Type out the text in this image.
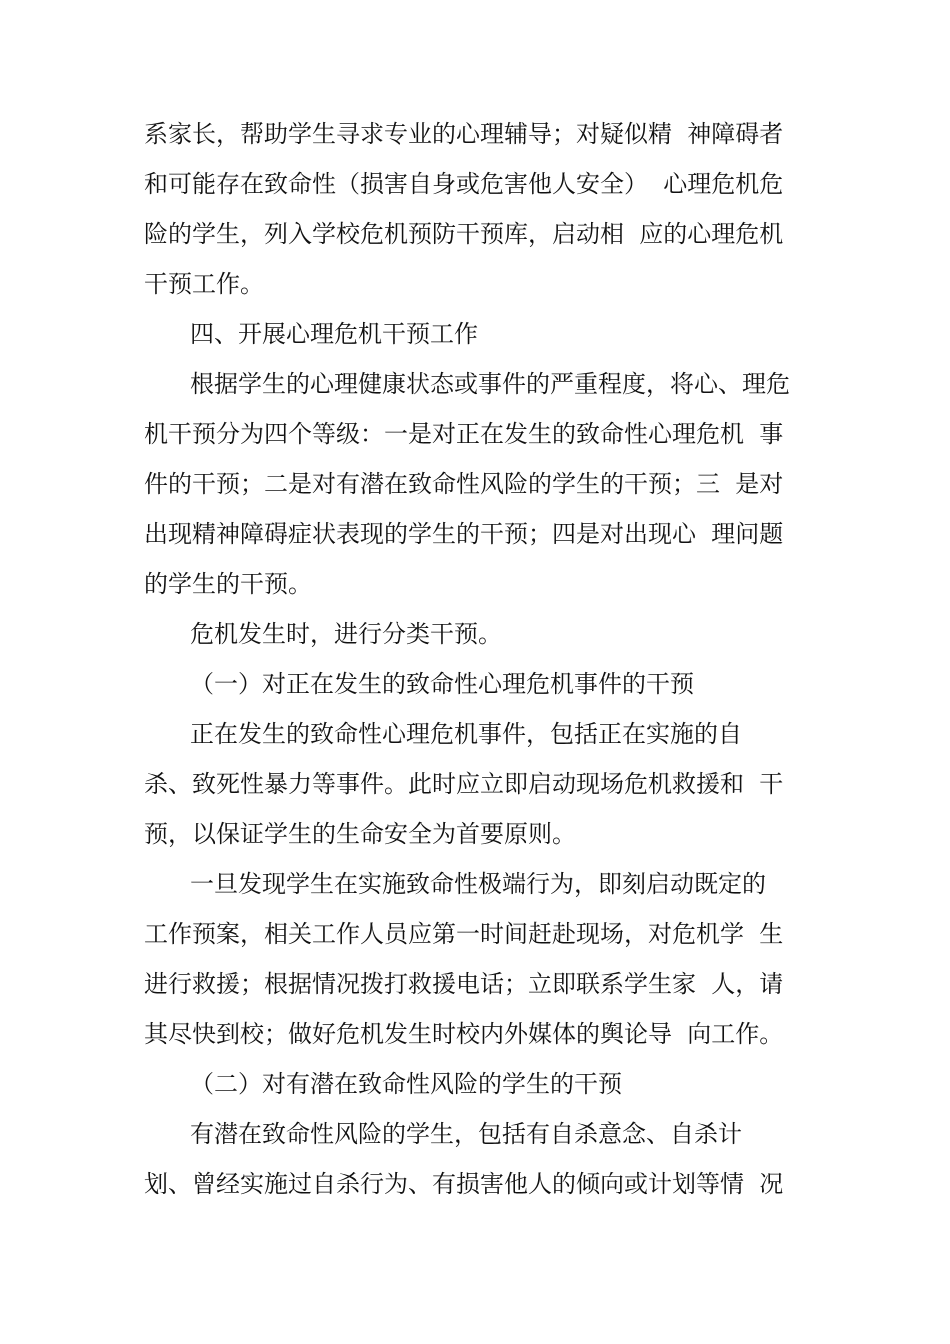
系家长，帮助学生寻求专业的心理辅导；对疑似精  神障碍者
和可能存在致命性（损害自身或危害他人安全）  心理危机危
险的学生，列入学校危机预防干预库，启动相  应的心理危机
干预工作。
四、开展心理危机干预工作
根据学生的心理健康状态或事件的严重程度，将心、理危
机干预分为四个等级：一是对正在发生的致命性心理危机  事
件的干预；二是对有潜在致命性风险的学生的干预；三  是对
出现精神障碍症状表现的学生的干预；四是对出现心  理问题
的学生的干预。
危机发生时，进行分类干预。
（一）对正在发生的致命性心理危机事件的干预
正在发生的致命性心理危机事件，包括正在实施的自
杀、致死性暴力等事件。此时应立即启动现场危机救援和  干
预，以保证学生的生命安全为首要原则。
一旦发现学生在实施致命性极端行为，即刻启动既定的
工作预案，相关工作人员应第一时间赶赴现场，对危机学  生
进行救援；根据情况拨打救援电话；立即联系学生家  人，请
其尽快到校；做好危机发生时校内外媒体的舆论导  向工作。
（二）对有潜在致命性风险的学生的干预
有潜在致命性风险的学生，包括有自杀意念、自杀计
划、曾经实施过自杀行为、有损害他人的倾向或计划等情  况
